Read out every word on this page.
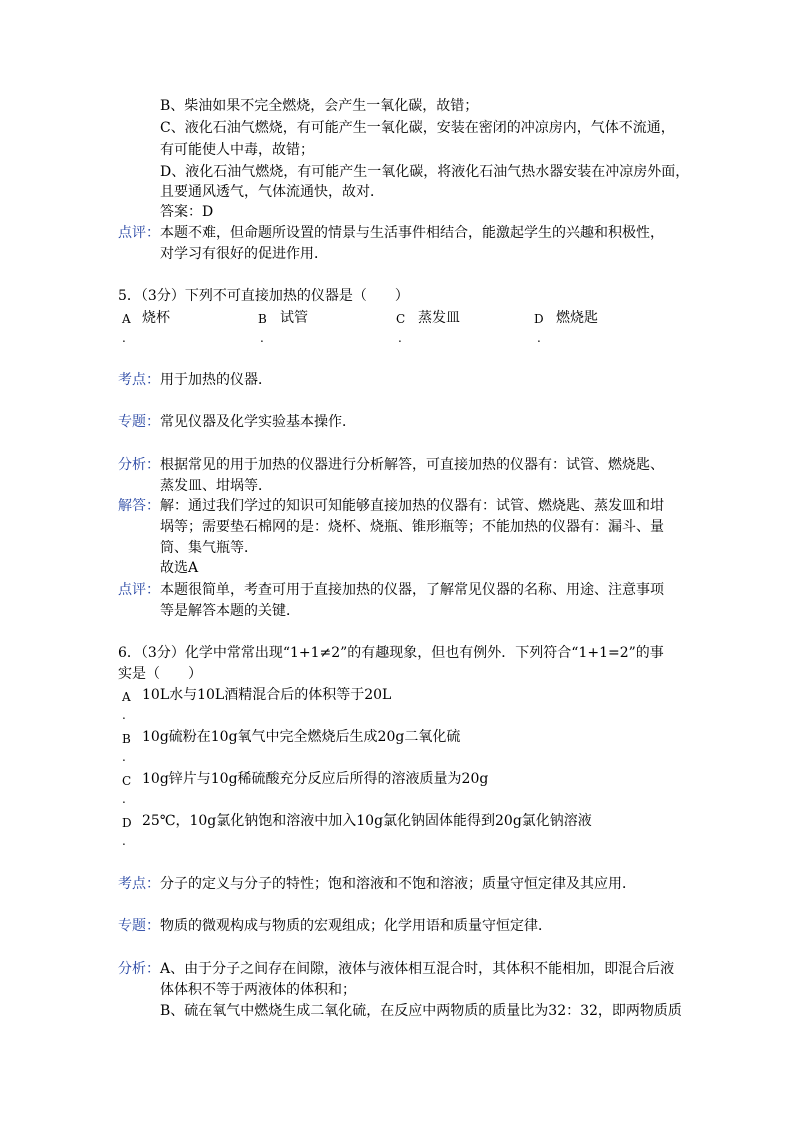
B、柴油如果不完全燃烧，会产生一氧化碳，故错；
C、液化石油气燃烧，有可能产生一氧化碳，安装在密闭的冲凉房内，气体不流通，
有可能使人中毒，故错；
D、液化石油气燃烧，有可能产生一氧化碳，将液化石油气热水器安装在冲凉房外面，
且要通风透气，气体流通快，故对．
答案：D
点评： 本题不难，但命题所设置的情景与生活事件相结合，能激起学生的兴趣和积极性，
对学习有很好的促进作用．
5．（3分）下列不可直接加热的仪器是（　　）
A
.
烧杯	B
.
试管	C
.
蒸发皿	D
.
燃烧匙
考点： 用于加热的仪器．
专题： 常见仪器及化学实验基本操作．
分析： 根据常见的用于加热的仪器进行分析解答，可直接加热的仪器有：试管、燃烧匙、
蒸发皿、坩埚等．
解答： 解：通过我们学过的知识可知能够直接加热的仪器有：试管、燃烧匙、蒸发皿和坩
埚等；需要垫石棉网的是：烧杯、烧瓶、锥形瓶等；不能加热的仪器有：漏斗、量
筒、集气瓶等．
故选A
点评： 本题很简单，考查可用于直接加热的仪器，了解常见仪器的名称、用途、注意事项
等是解答本题的关键．
6．（3分）化学中常常出现“1+1≠2”的有趣现象，但也有例外．下列符合“1+1=2”的事
实是（　　）
A
.
10L水与10L酒精混合后的体积等于20L
B
.
10g硫粉在10g氧气中完全燃烧后生成20g二氧化硫
C
.
10g锌片与10g稀硫酸充分反应后所得的溶液质量为20g
D
.
25℃，10g氯化钠饱和溶液中加入10g氯化钠固体能得到20g氯化钠溶液
考点： 分子的定义与分子的特性；饱和溶液和不饱和溶液；质量守恒定律及其应用．
专题： 物质的微观构成与物质的宏观组成；化学用语和质量守恒定律．
分析： A、由于分子之间存在间隙，液体与液体相互混合时，其体积不能相加，即混合后液
体体积不等于两液体的体积和；
B、硫在氧气中燃烧生成二氧化硫，在反应中两物质的质量比为32：32，即两物质质
